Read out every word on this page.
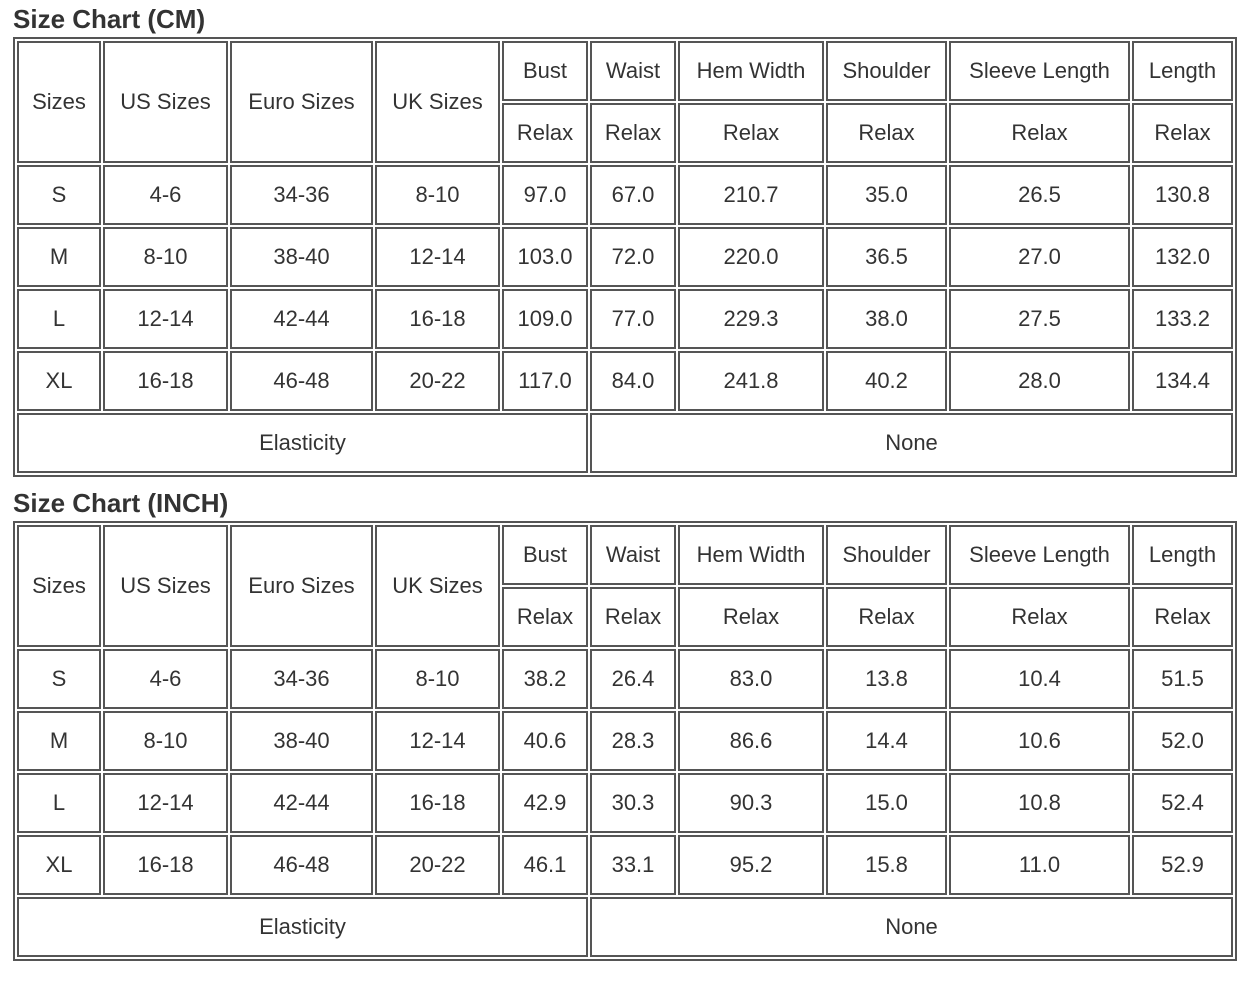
Size Chart (CM)
Sizes	US Sizes	Euro Sizes	UK Sizes	Bust	Waist	Hem Width	Shoulder	Sleeve Length	Length
				Relax	Relax	Relax	Relax	Relax	Relax
S	4-6	34-36	8-10	97.0	67.0	210.7	35.0	26.5	130.8
M	8-10	38-40	12-14	103.0	72.0	220.0	36.5	27.0	132.0
L	12-14	42-44	16-18	109.0	77.0	229.3	38.0	27.5	133.2
XL	16-18	46-48	20-22	117.0	84.0	241.8	40.2	28.0	134.4
Elasticity					None				
Size Chart (INCH)
Sizes	US Sizes	Euro Sizes	UK Sizes	Bust	Waist	Hem Width	Shoulder	Sleeve Length	Length
				Relax	Relax	Relax	Relax	Relax	Relax
S	4-6	34-36	8-10	38.2	26.4	83.0	13.8	10.4	51.5
M	8-10	38-40	12-14	40.6	28.3	86.6	14.4	10.6	52.0
L	12-14	42-44	16-18	42.9	30.3	90.3	15.0	10.8	52.4
XL	16-18	46-48	20-22	46.1	33.1	95.2	15.8	11.0	52.9
Elasticity					None				
